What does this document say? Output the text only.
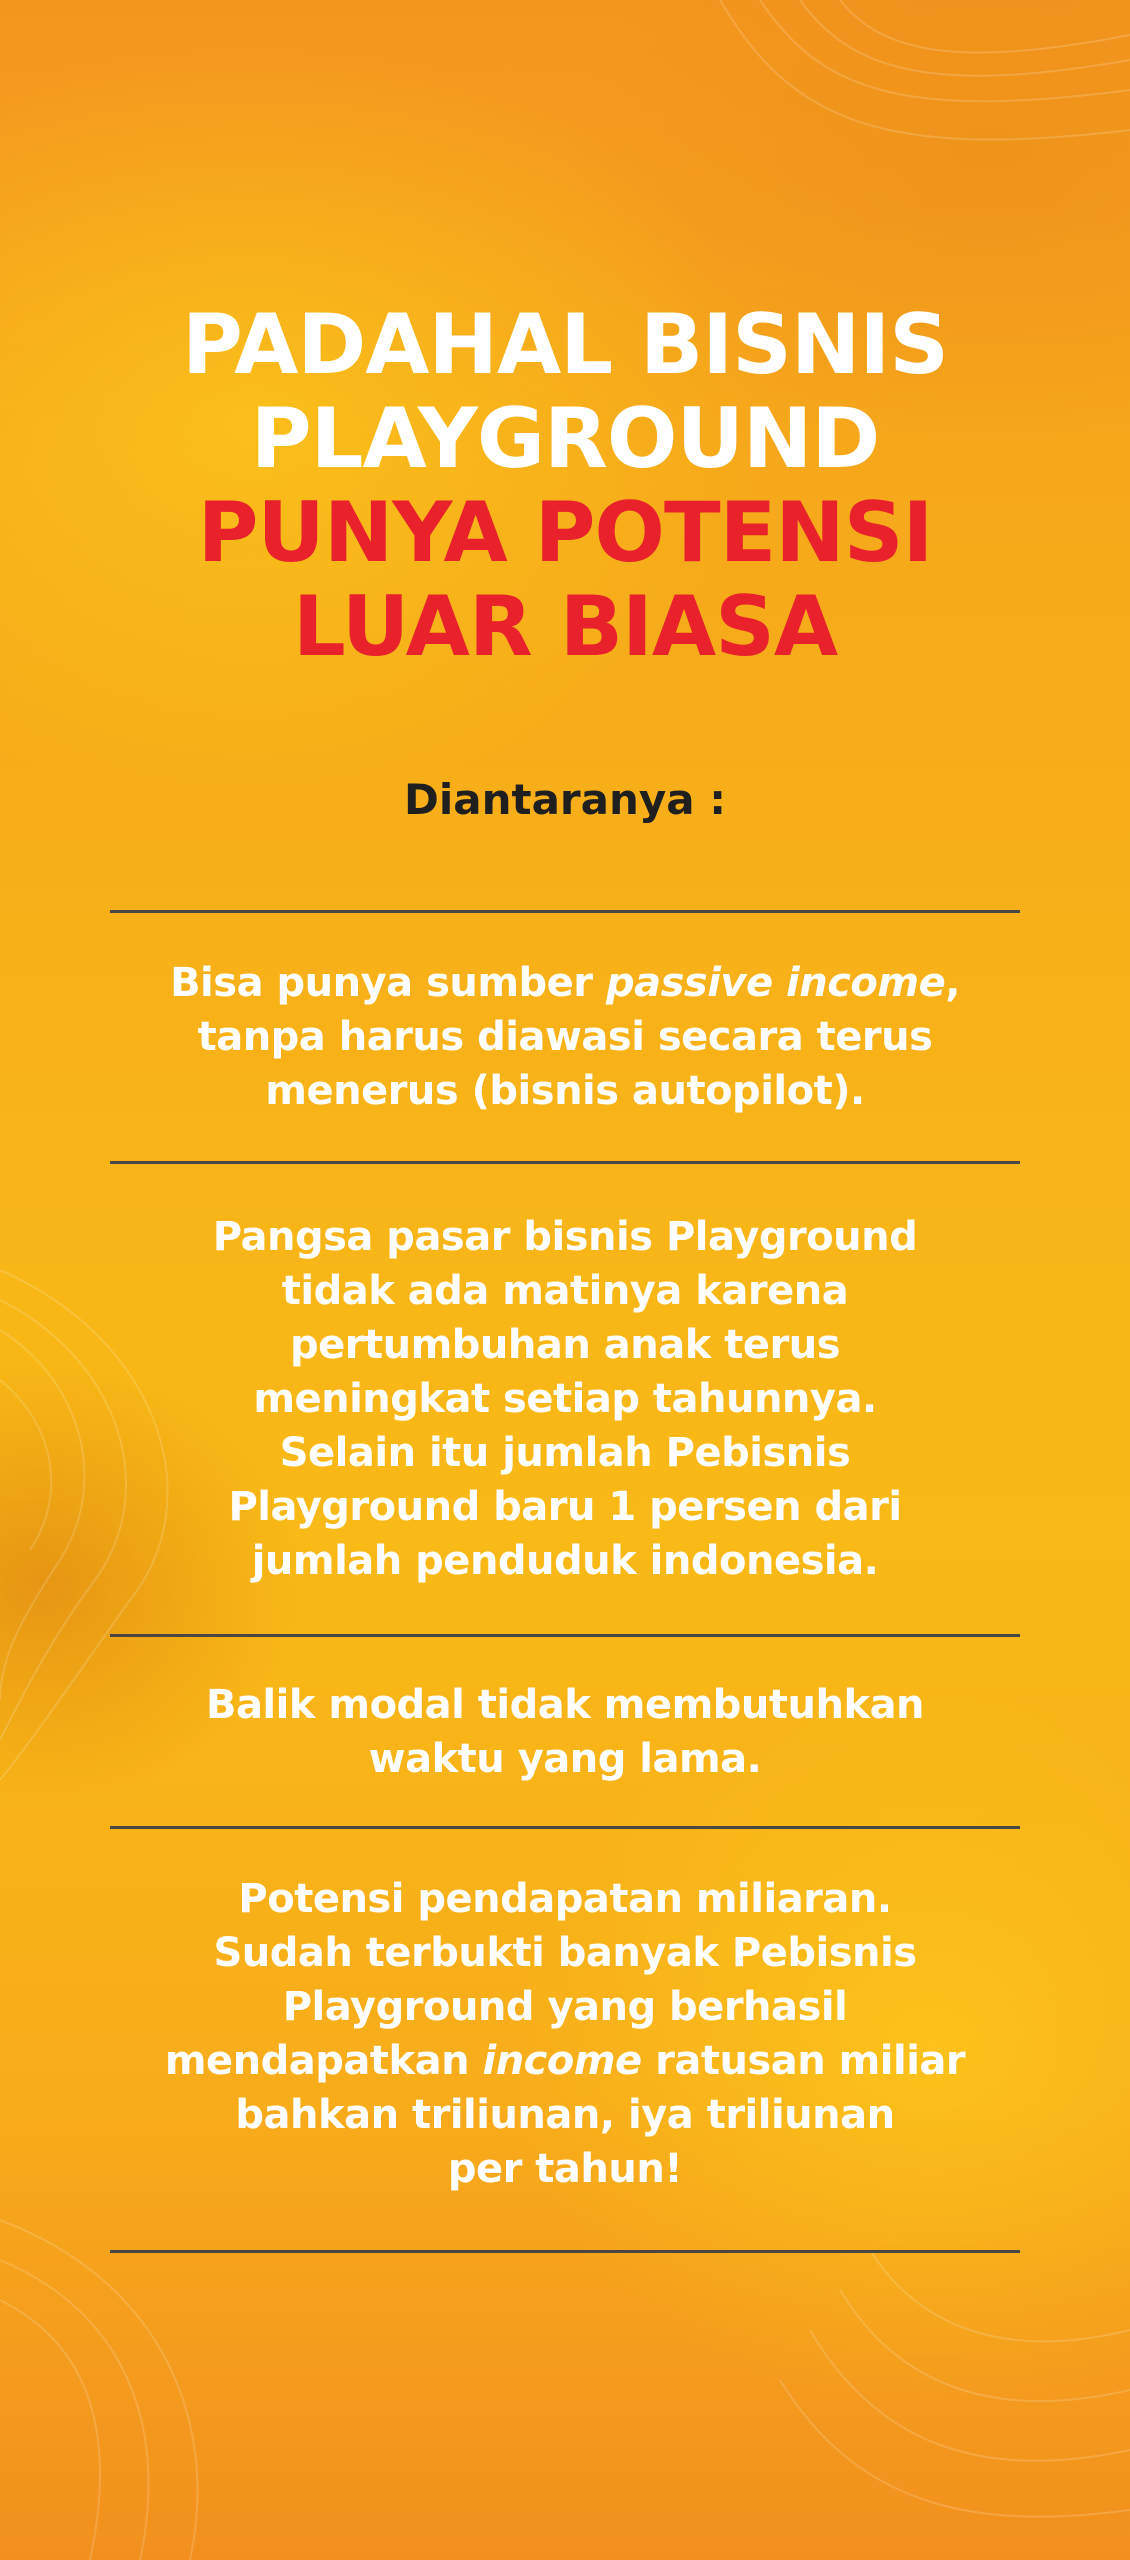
PADAHAL BISNIS
PLAYGROUND
PUNYA POTENSI
LUAR BIASA
Diantaranya :
Bisa punya sumber passive income,
tanpa harus diawasi secara terus
menerus (bisnis autopilot).
Pangsa pasar bisnis Playground
tidak ada matinya karena
pertumbuhan anak terus
meningkat setiap tahunnya.
Selain itu jumlah Pebisnis
Playground baru 1 persen dari
jumlah penduduk indonesia.
Balik modal tidak membutuhkan
waktu yang lama.
Potensi pendapatan miliaran.
Sudah terbukti banyak Pebisnis
Playground yang berhasil
mendapatkan income ratusan miliar
bahkan triliunan, iya triliunan
per tahun!
